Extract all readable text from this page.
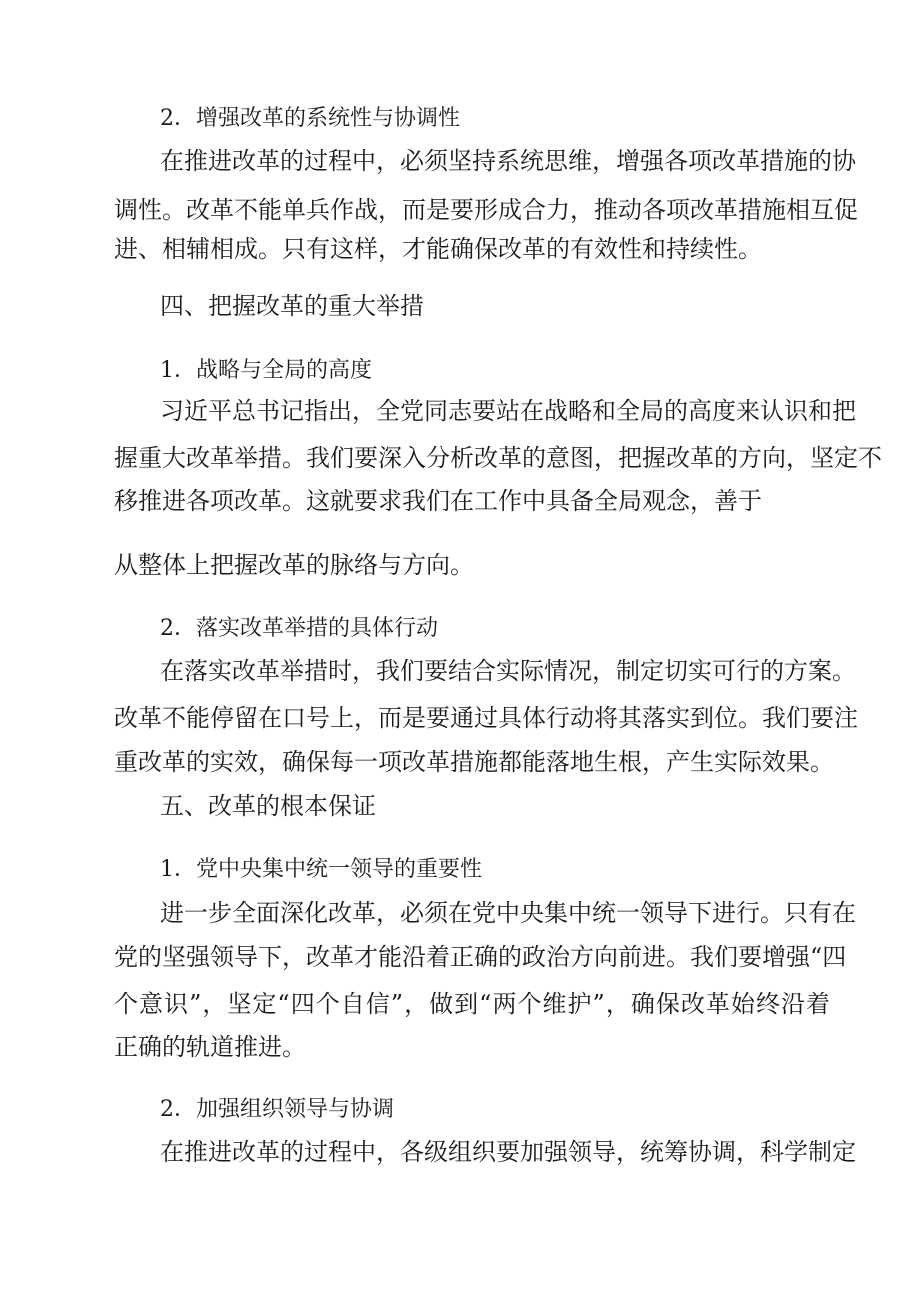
2．增强改革的系统性与协调性
在推进改革的过程中，必须坚持系统思维，增强各项改革措施的协
调性。改革不能单兵作战，而是要形成合力，推动各项改革措施相互促
进、相辅相成。只有这样，才能确保改革的有效性和持续性。
四、把握改革的重大举措
1．战略与全局的高度
习近平总书记指出，全党同志要站在战略和全局的高度来认识和把
握重大改革举措。我们要深入分析改革的意图，把握改革的方向，坚定不
移推进各项改革。这就要求我们在工作中具备全局观念，善于
从整体上把握改革的脉络与方向。
2．落实改革举措的具体行动
在落实改革举措时，我们要结合实际情况，制定切实可行的方案。
改革不能停留在口号上，而是要通过具体行动将其落实到位。我们要注
重改革的实效，确保每一项改革措施都能落地生根，产生实际效果。
五、改革的根本保证
1．党中央集中统一领导的重要性
进一步全面深化改革，必须在党中央集中统一领导下进行。只有在
党的坚强领导下，改革才能沿着正确的政治方向前进。我们要增强“四
个意识”，坚定“四个自信”，做到“两个维护”，确保改革始终沿着
正确的轨道推进。
2．加强组织领导与协调
在推进改革的过程中，各级组织要加强领导，统筹协调，科学制定
